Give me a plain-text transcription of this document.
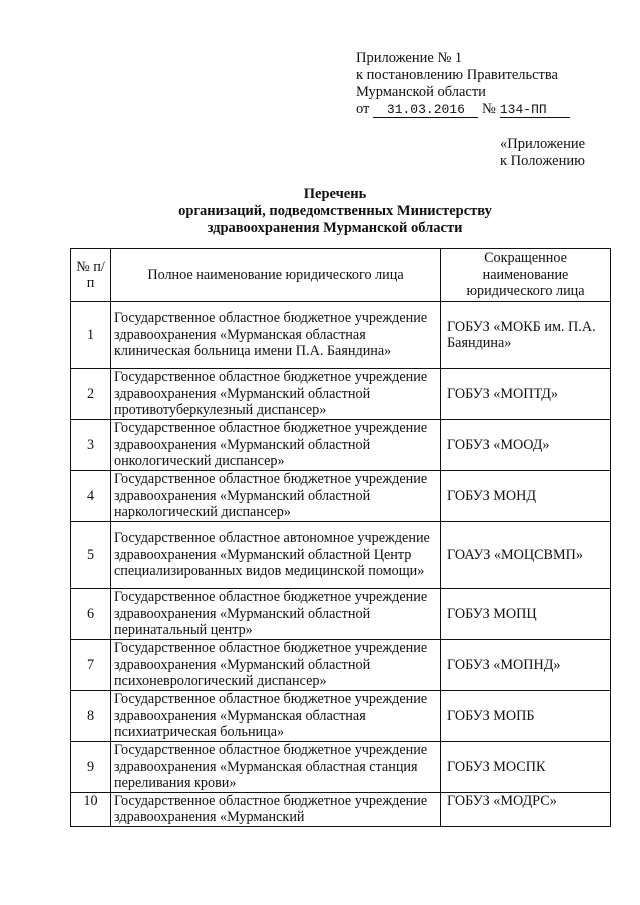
Приложение № 1
к постановлению Правительства
Мурманской области
от 31.03.2016 № 134-ПП
«Приложение
к Положению
Перечень
организаций, подведомственных Министерству
здравоохранения Мурманской области
№ п/п	Полное наименование юридического лица	Сокращенное наименование юридического лица
1	Государственное областное бюджетное учреждение здравоохранения «Мурманская областная клиническая больница имени П.А. Баяндина»	ГОБУЗ «МОКБ им. П.А. Баяндина»
2	Государственное областное бюджетное учреждение здравоохранения «Мурманский областной противотуберкулезный диспансер»	ГОБУЗ «МОПТД»
3	Государственное областное бюджетное учреждение здравоохранения «Мурманский областной онкологический диспансер»	ГОБУЗ «МООД»
4	Государственное областное бюджетное учреждение здравоохранения «Мурманский областной наркологический диспансер»	ГОБУЗ МОНД
5	Государственное областное автономное учреждение здравоохранения «Мурманский областной Центр специализированных видов медицинской помощи»	ГОАУЗ «МОЦСВМП»
6	Государственное областное бюджетное учреждение здравоохранения «Мурманский областной перинатальный центр»	ГОБУЗ МОПЦ
7	Государственное областное бюджетное учреждение здравоохранения «Мурманский областной психоневрологический диспансер»	ГОБУЗ «МОПНД»
8	Государственное областное бюджетное учреждение здравоохранения «Мурманская областная психиатрическая больница»	ГОБУЗ МОПБ
9	Государственное областное бюджетное учреждение здравоохранения «Мурманская областная станция переливания крови»	ГОБУЗ МОСПК
10	Государственное областное бюджетное учреждение здравоохранения «Мурманский	ГОБУЗ «МОДРС»
